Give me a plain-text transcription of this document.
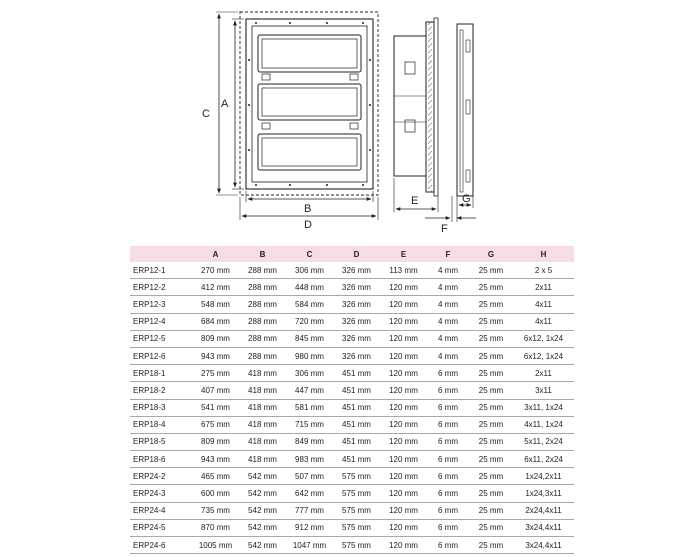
C
A
B
D
E
F
G
	A	B	C	D	E	F	G	H
ERP12-1	270 mm	288 mm	306 mm	326 mm	113 mm	4 mm	25 mm	2 x 5
ERP12-2	412 mm	288 mm	448 mm	326 mm	120 mm	4 mm	25 mm	2x11
ERP12-3	548 mm	288 mm	584 mm	326 mm	120 mm	4 mm	25 mm	4x11
ERP12-4	684 mm	288 mm	720 mm	326 mm	120 mm	4 mm	25 mm	4x11
ERP12-5	809 mm	288 mm	845 mm	326 mm	120 mm	4 mm	25 mm	6x12, 1x24
ERP12-6	943 mm	288 mm	980 mm	326 mm	120 mm	4 mm	25 mm	6x12, 1x24
ERP18-1	275 mm	418 mm	306 mm	451 mm	120 mm	6 mm	25 mm	2x11
ERP18-2	407 mm	418 mm	447 mm	451 mm	120 mm	6 mm	25 mm	3x11
ERP18-3	541 mm	418 mm	581 mm	451 mm	120 mm	6 mm	25 mm	3x11, 1x24
ERP18-4	675 mm	418 mm	715 mm	451 mm	120 mm	6 mm	25 mm	4x11, 1x24
ERP18-5	809 mm	418 mm	849 mm	451 mm	120 mm	6 mm	25 mm	5x11, 2x24
ERP18-6	943 mm	418 mm	983 mm	451 mm	120 mm	6 mm	25 mm	6x11, 2x24
ERP24-2	465 mm	542 mm	507 mm	575 mm	120 mm	6 mm	25 mm	1x24,2x11
ERP24-3	600 mm	542 mm	642 mm	575 mm	120 mm	6 mm	25 mm	1x24,3x11
ERP24-4	735 mm	542 mm	777 mm	575 mm	120 mm	6 mm	25 mm	2x24,4x11
ERP24-5	870 mm	542 mm	912 mm	575 mm	120 mm	6 mm	25 mm	3x24,4x11
ERP24-6	1005 mm	542 mm	1047 mm	575 mm	120 mm	6 mm	25 mm	3x24,4x11
